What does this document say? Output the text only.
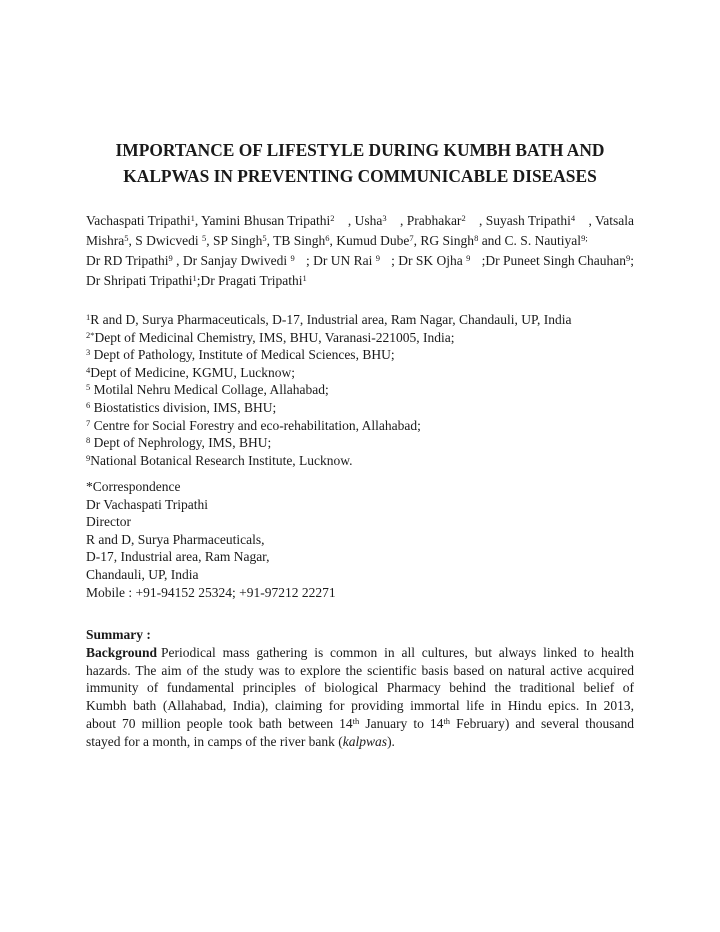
IMPORTANCE OF LIFESTYLE DURING KUMBH BATH AND
KALPWAS IN PREVENTING COMMUNICABLE DISEASES
Vachaspati Tripathi$^1$, Yamini Bhusan Tripathi$^2$ , Usha$^3$ , Prabhakar$^2$ , Suyash Tripathi$^4$ , Vatsala
Mishra$^5$, S Dwicvedi $^5$, SP Singh$^5$, TB Singh$^6$, Kumud Dube$^7$, RG Singh$^8$ and C. S. Nautiyal$^{9;}$
Dr RD Tripathi$^9$ , Dr Sanjay Dwivedi $^9$ ; Dr UN Rai $^9$ ; Dr SK Ojha $^9$ ;Dr Puneet Singh Chauhan$^9$;
Dr Shripati Tripathi$^1$;Dr Pragati Tripathi$^1$
$^1$R and D, Surya Pharmaceuticals, D-17, Industrial area, Ram Nagar, Chandauli, UP, India
$^{2*}$Dept of Medicinal Chemistry, IMS, BHU, Varanasi-221005, India;
$^3$ Dept of Pathology, Institute of Medical Sciences, BHU;
$^4$Dept of Medicine, KGMU, Lucknow;
$^5$ Motilal Nehru Medical Collage, Allahabad;
$^6$ Biostatistics division, IMS, BHU;
$^7$ Centre for Social Forestry and eco-rehabilitation, Allahabad;
$^8$ Dept of Nephrology, IMS, BHU;
$^9$National Botanical Research Institute, Lucknow.
*Correspondence
Dr Vachaspati Tripathi
Director
R and D, Surya Pharmaceuticals,
D-17, Industrial area, Ram Nagar,
Chandauli, UP, India
Mobile : +91-94152 25324; +91-97212 22271
Summary :
Background Periodical mass gathering is common in all cultures, but always linked to health
hazards. The aim of the study was to explore the scientific basis based on natural active acquired
immunity of fundamental principles of biological Pharmacy behind the traditional belief of
Kumbh bath (Allahabad, India), claiming for providing immortal life in Hindu epics. In 2013,
about 70 million people took bath between 14th January to 14th February) and several thousand
stayed for a month, in camps of the river bank (kalpwas).
